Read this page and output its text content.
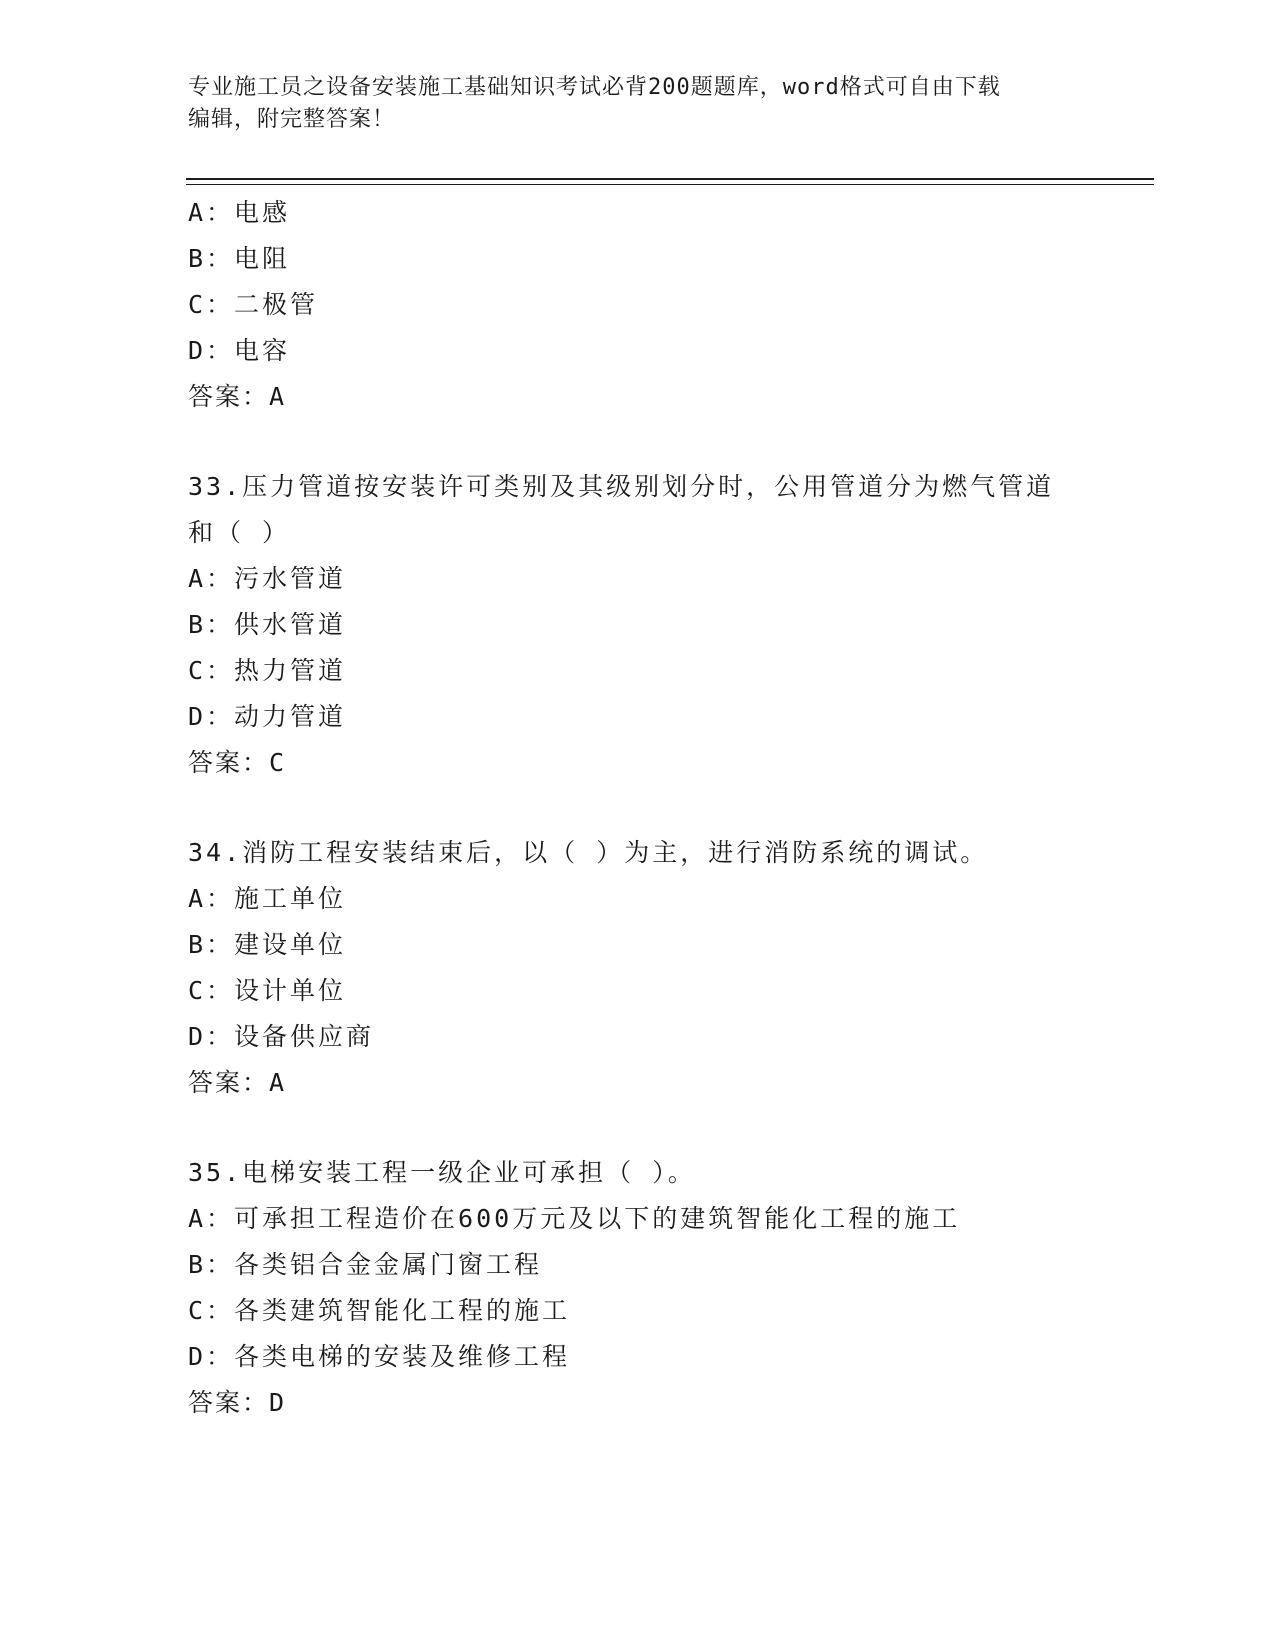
专业施工员之设备安装施工基础知识考试必背200题题库，word格式可自由下载
编辑，附完整答案！
A：电感
B：电阻
C：二极管
D：电容
答案：A
33.压力管道按安装许可类别及其级别划分时，公用管道分为燃气管道
和（ ）
A：污水管道
B：供水管道
C：热力管道
D：动力管道
答案：C
34.消防工程安装结束后，以（ ）为主，进行消防系统的调试。
A：施工单位
B：建设单位
C：设计单位
D：设备供应商
答案：A
35.电梯安装工程一级企业可承担（ ）。
A：可承担工程造价在600万元及以下的建筑智能化工程的施工
B：各类铝合金金属门窗工程
C：各类建筑智能化工程的施工
D：各类电梯的安装及维修工程
答案：D
